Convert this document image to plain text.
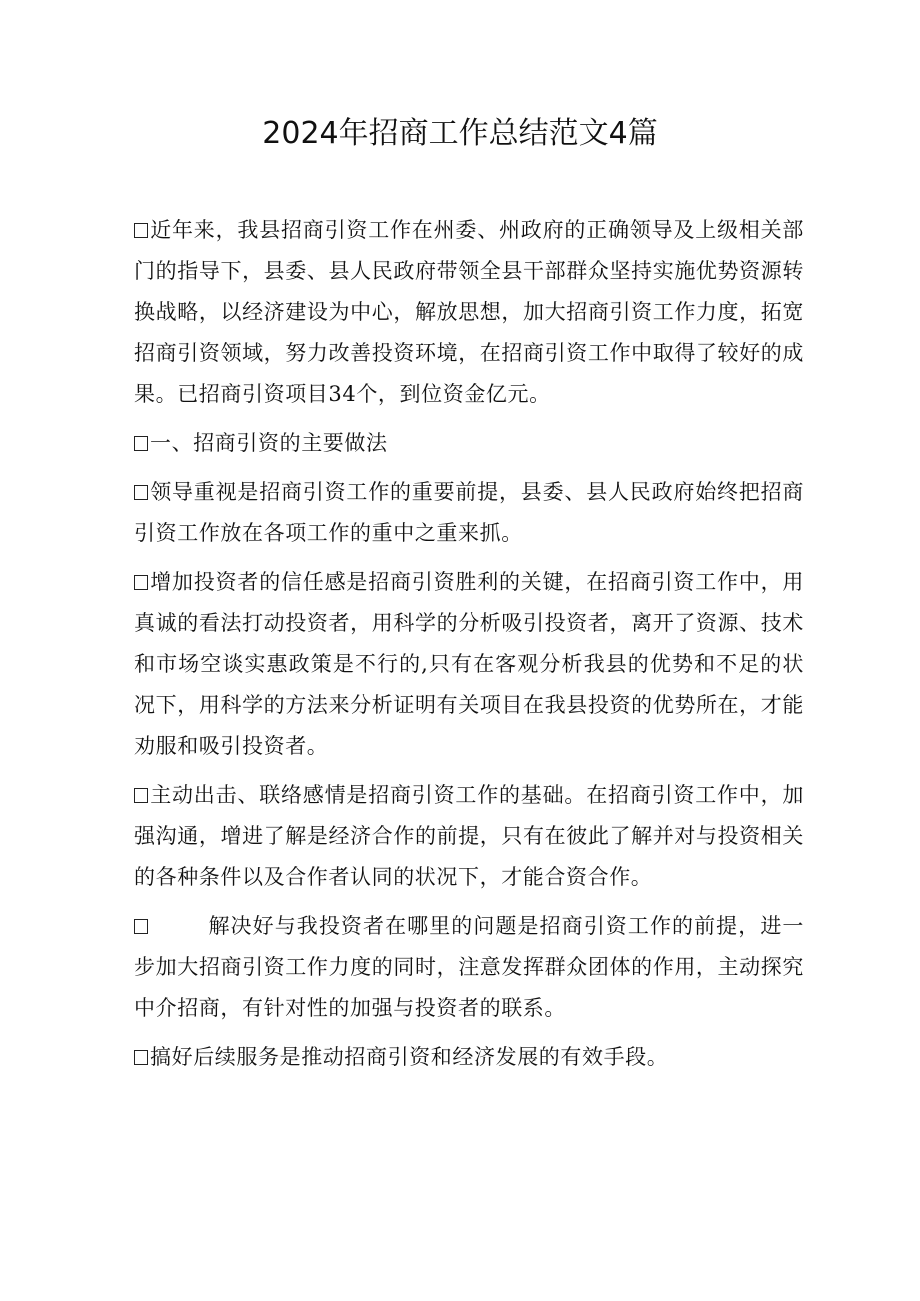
2024年招商工作总结范文4篇

近年来，我县招商引资工作在州委、州政府的正确领导及上级相关部门的指导下，县委、县人民政府带领全县干部群众坚持实施优势资源转换战略，以经济建设为中心，解放思想，加大招商引资工作力度，拓宽招商引资领域，努力改善投资环境，在招商引资工作中取得了较好的成果。已招商引资项目34个，到位资金亿元。

一、招商引资的主要做法

领导重视是招商引资工作的重要前提，县委、县人民政府始终把招商引资工作放在各项工作的重中之重来抓。

增加投资者的信任感是招商引资胜利的关键，在招商引资工作中，用真诚的看法打动投资者，用科学的分析吸引投资者，离开了资源、技术和市场空谈实惠政策是不行的,只有在客观分析我县的优势和不足的状况下，用科学的方法来分析证明有关项目在我县投资的优势所在，才能劝服和吸引投资者。

主动出击、联络感情是招商引资工作的基础。在招商引资工作中，加强沟通，增进了解是经济合作的前提，只有在彼此了解并对与投资相关的各种条件以及合作者认同的状况下，才能合资合作。

解决好与我投资者在哪里的问题是招商引资工作的前提，进一步加大招商引资工作力度的同时，注意发挥群众团体的作用，主动探究中介招商，有针对性的加强与投资者的联系。

搞好后续服务是推动招商引资和经济发展的有效手段。
